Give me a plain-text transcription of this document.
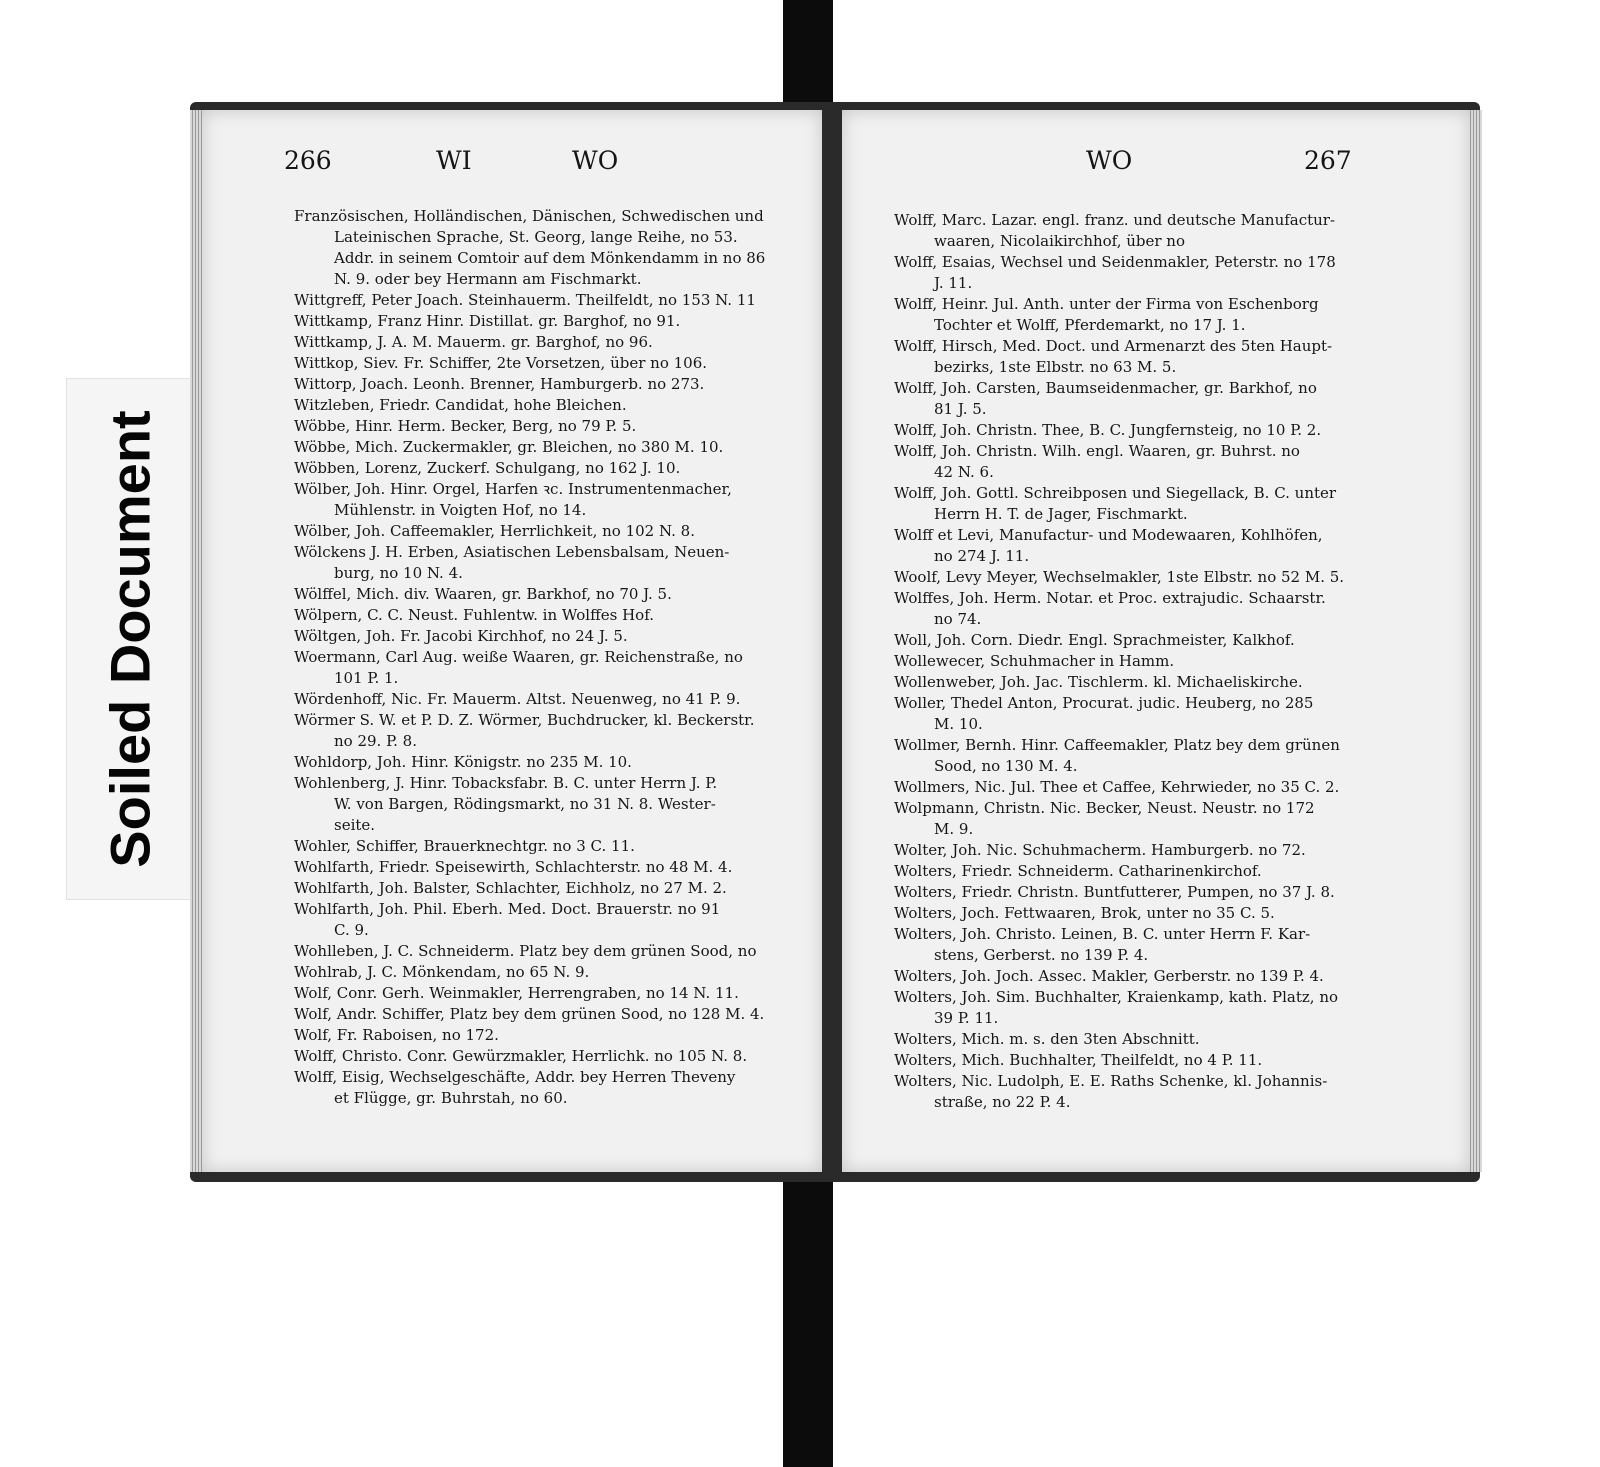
Soiled Document
266	WI	WO
Französischen, Holländischen, Dänischen, Schwedischen und
Lateinischen Sprache, St. Georg, lange Reihe, no 53.
Addr. in seinem Comtoir auf dem Mönkendamm in no 86
N. 9. oder bey Hermann am Fischmarkt.
Wittgreff, Peter Joach. Steinhauerm. Theilfeldt, no 153 N. 11
Wittkamp, Franz Hinr. Distillat. gr. Barghof, no 91.
Wittkamp, J. A. M. Mauerm. gr. Barghof, no 96.
Wittkop, Siev. Fr. Schiffer, 2te Vorsetzen, über no 106.
Wittorp, Joach. Leonh. Brenner, Hamburgerb. no 273.
Witzleben, Friedr. Candidat, hohe Bleichen.
Wöbbe, Hinr. Herm. Becker, Berg, no 79 P. 5.
Wöbbe, Mich. Zuckermakler, gr. Bleichen, no 380 M. 10.
Wöbben, Lorenz, Zuckerf. Schulgang, no 162 J. 10.
Wölber, Joh. Hinr. Orgel, Harfen ꝛc. Instrumentenmacher,
Mühlenstr. in Voigten Hof, no 14.
Wölber, Joh. Caffeemakler, Herrlichkeit, no 102 N. 8.
Wölckens J. H. Erben, Asiatischen Lebensbalsam, Neuen-
burg, no 10 N. 4.
Wölffel, Mich. div. Waaren, gr. Barkhof, no 70 J. 5.
Wölpern, C. C. Neust. Fuhlentw. in Wolffes Hof.
Wöltgen, Joh. Fr. Jacobi Kirchhof, no 24 J. 5.
Woermann, Carl Aug. weiße Waaren, gr. Reichenstraße, no
101 P. 1.
Wördenhoff, Nic. Fr. Mauerm. Altst. Neuenweg, no 41 P. 9.
Wörmer S. W. et P. D. Z. Wörmer, Buchdrucker, kl. Beckerstr.
no 29. P. 8.
Wohldorp, Joh. Hinr. Königstr. no 235 M. 10.
Wohlenberg, J. Hinr. Tobacksfabr. B. C. unter Herrn J. P.
W. von Bargen, Rödingsmarkt, no 31 N. 8. Wester-
seite.
Wohler, Schiffer, Brauerknechtgr. no 3 C. 11.
Wohlfarth, Friedr. Speisewirth, Schlachterstr. no 48 M. 4.
Wohlfarth, Joh. Balster, Schlachter, Eichholz, no 27 M. 2.
Wohlfarth, Joh. Phil. Eberh. Med. Doct. Brauerstr. no 91
C. 9.
Wohlleben, J. C. Schneiderm. Platz bey dem grünen Sood, no
Wohlrab, J. C. Mönkendam, no 65 N. 9.
Wolf, Conr. Gerh. Weinmakler, Herrengraben, no 14 N. 11.
Wolf, Andr. Schiffer, Platz bey dem grünen Sood, no 128 M. 4.
Wolf, Fr. Raboisen, no 172.
Wolff, Christo. Conr. Gewürzmakler, Herrlichk. no 105 N. 8.
Wolff, Eisig, Wechselgeschäfte, Addr. bey Herren Theveny
et Flügge, gr. Buhrstah, no 60.
WO	267
Wolff, Marc. Lazar. engl. franz. und deutsche Manufactur-
waaren, Nicolaikirchhof, über no
Wolff, Esaias, Wechsel und Seidenmakler, Peterstr. no 178
J. 11.
Wolff, Heinr. Jul. Anth. unter der Firma von Eschenborg
Tochter et Wolff, Pferdemarkt, no 17 J. 1.
Wolff, Hirsch, Med. Doct. und Armenarzt des 5ten Haupt-
bezirks, 1ste Elbstr. no 63 M. 5.
Wolff, Joh. Carsten, Baumseidenmacher, gr. Barkhof, no
81 J. 5.
Wolff, Joh. Christn. Thee, B. C. Jungfernsteig, no 10 P. 2.
Wolff, Joh. Christn. Wilh. engl. Waaren, gr. Buhrst. no
42 N. 6.
Wolff, Joh. Gottl. Schreibposen und Siegellack, B. C. unter
Herrn H. T. de Jager, Fischmarkt.
Wolff et Levi, Manufactur- und Modewaaren, Kohlhöfen,
no 274 J. 11.
Woolf, Levy Meyer, Wechselmakler, 1ste Elbstr. no 52 M. 5.
Wolffes, Joh. Herm. Notar. et Proc. extrajudic. Schaarstr.
no 74.
Woll, Joh. Corn. Diedr. Engl. Sprachmeister, Kalkhof.
Wollewecer, Schuhmacher in Hamm.
Wollenweber, Joh. Jac. Tischlerm. kl. Michaeliskirche.
Woller, Thedel Anton, Procurat. judic. Heuberg, no 285
M. 10.
Wollmer, Bernh. Hinr. Caffeemakler, Platz bey dem grünen
Sood, no 130 M. 4.
Wollmers, Nic. Jul. Thee et Caffee, Kehrwieder, no 35 C. 2.
Wolpmann, Christn. Nic. Becker, Neust. Neustr. no 172
M. 9.
Wolter, Joh. Nic. Schuhmacherm. Hamburgerb. no 72.
Wolters, Friedr. Schneiderm. Catharinenkirchof.
Wolters, Friedr. Christn. Buntfutterer, Pumpen, no 37 J. 8.
Wolters, Joch. Fettwaaren, Brok, unter no 35 C. 5.
Wolters, Joh. Christo. Leinen, B. C. unter Herrn F. Kar-
stens, Gerberst. no 139 P. 4.
Wolters, Joh. Joch. Assec. Makler, Gerberstr. no 139 P. 4.
Wolters, Joh. Sim. Buchhalter, Kraienkamp, kath. Platz, no
39 P. 11.
Wolters, Mich. m. s. den 3ten Abschnitt.
Wolters, Mich. Buchhalter, Theilfeldt, no 4 P. 11.
Wolters, Nic. Ludolph, E. E. Raths Schenke, kl. Johannis-
straße, no 22 P. 4.
